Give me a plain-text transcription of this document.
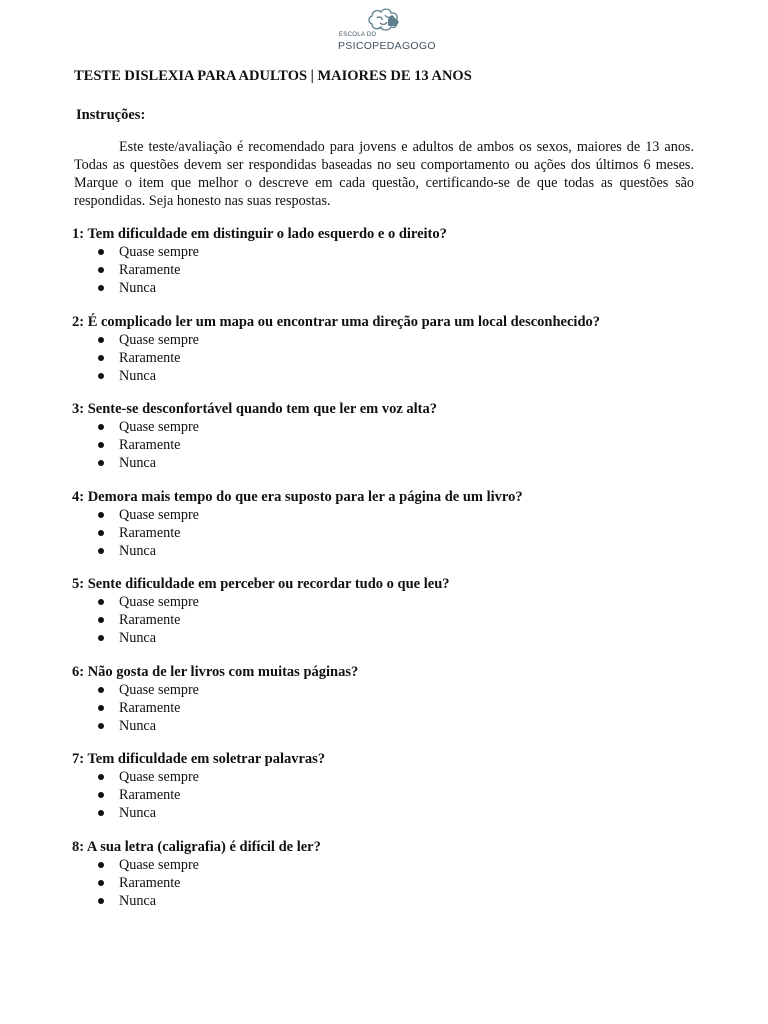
ESCOLA DO
PSICOPEDAGOGO
TESTE DISLEXIA PARA ADULTOS | MAIORES DE 13 ANOS
Instruções:

Este teste/avaliação é recomendado para jovens e adultos de ambos os sexos, maiores de 13 anos. Todas as questões devem ser respondidas baseadas no seu comportamento ou ações dos últimos 6 meses. Marque o item que melhor o descreve em cada questão, certificando-se de que todas as questões são respondidas. Seja honesto nas suas respostas.

1: Tem dificuldade em distinguir o lado esquerdo e o direito?

Quase sempre
Raramente
Nunca

2: É complicado ler um mapa ou encontrar uma direção para um local desconhecido?

Quase sempre
Raramente
Nunca

3: Sente-se desconfortável quando tem que ler em voz alta?

Quase sempre
Raramente
Nunca

4: Demora mais tempo do que era suposto para ler a página de um livro?

Quase sempre
Raramente
Nunca

5: Sente dificuldade em perceber ou recordar tudo o que leu?

Quase sempre
Raramente
Nunca

6: Não gosta de ler livros com muitas páginas?

Quase sempre
Raramente
Nunca

7: Tem dificuldade em soletrar palavras?

Quase sempre
Raramente
Nunca

8: A sua letra (caligrafia) é difícil de ler?

Quase sempre
Raramente
Nunca
